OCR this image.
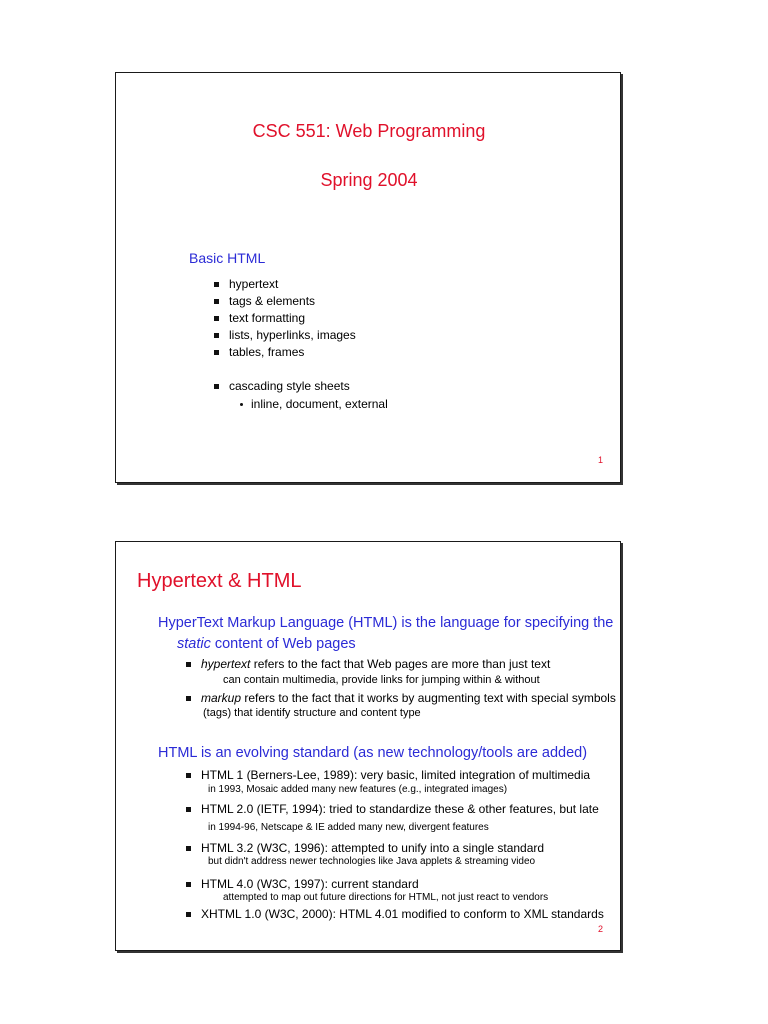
CSC 551: Web Programming
Spring 2004
Basic HTML
hypertext
tags & elements
text formatting
lists, hyperlinks, images
tables, frames
cascading style sheets
inline, document, external
1
Hypertext & HTML
HyperText Markup Language (HTML) is the language for specifying the
static content of Web pages
hypertext refers to the fact that Web pages are more than just text
can contain multimedia, provide links for jumping within & without
markup refers to the fact that it works by augmenting text with special symbols
(tags) that identify structure and content type
HTML is an evolving standard (as new technology/tools are added)
HTML 1 (Berners-Lee, 1989): very basic, limited integration of multimedia
in 1993, Mosaic added many new features (e.g., integrated images)
HTML 2.0 (IETF, 1994): tried to standardize these & other features, but late
in 1994-96, Netscape & IE added many new, divergent features
HTML 3.2 (W3C, 1996): attempted to unify into a single standard
but didn't address newer technologies like Java applets & streaming video
HTML 4.0 (W3C, 1997): current standard
attempted to map out future directions for HTML, not just react to vendors
XHTML 1.0 (W3C, 2000): HTML 4.01 modified to conform to XML standards
2
